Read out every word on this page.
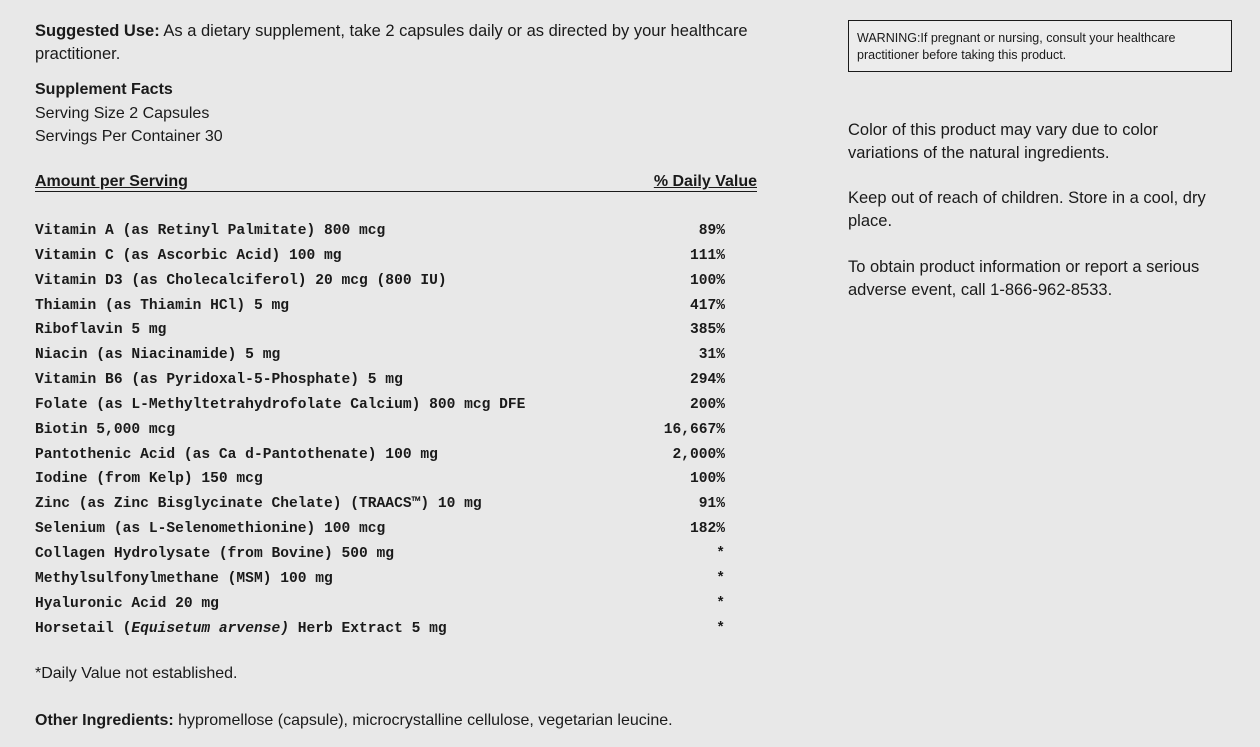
Suggested Use: As a dietary supplement, take 2 capsules daily or as directed by your healthcare practitioner.

Supplement Facts
Serving Size 2 Capsules
Servings Per Container 30
Amount per Serving	% Daily Value
Vitamin A (as Retinyl Palmitate) 800 mcg	89%
Vitamin C (as Ascorbic Acid) 100 mg	111%
Vitamin D3 (as Cholecalciferol) 20 mcg (800 IU)	100%
Thiamin (as Thiamin HCl) 5 mg	417%
Riboflavin 5 mg	385%
Niacin (as Niacinamide) 5 mg	31%
Vitamin B6 (as Pyridoxal-5-Phosphate) 5 mg	294%
Folate (as L-Methyltetrahydrofolate Calcium) 800 mcg DFE	200%
Biotin 5,000 mcg	16,667%
Pantothenic Acid (as Ca d-Pantothenate) 100 mg	2,000%
Iodine (from Kelp) 150 mcg	100%
Zinc (as Zinc Bisglycinate Chelate) (TRAACS™) 10 mg	91%
Selenium (as L-Selenomethionine) 100 mcg	182%
Collagen Hydrolysate (from Bovine) 500 mg	*
Methylsulfonylmethane (MSM) 100 mg	*
Hyaluronic Acid 20 mg	*
Horsetail (Equisetum arvense) Herb Extract 5 mg	*
*Daily Value not established.
Other Ingredients: hypromellose (capsule), microcrystalline cellulose, vegetarian leucine.
WARNING:If pregnant or nursing, consult your healthcare practitioner before taking this product.

Color of this product may vary due to color variations of the natural ingredients.

Keep out of reach of children. Store in a cool, dry place.

To obtain product information or report a serious adverse event, call 1-866-962-8533.
